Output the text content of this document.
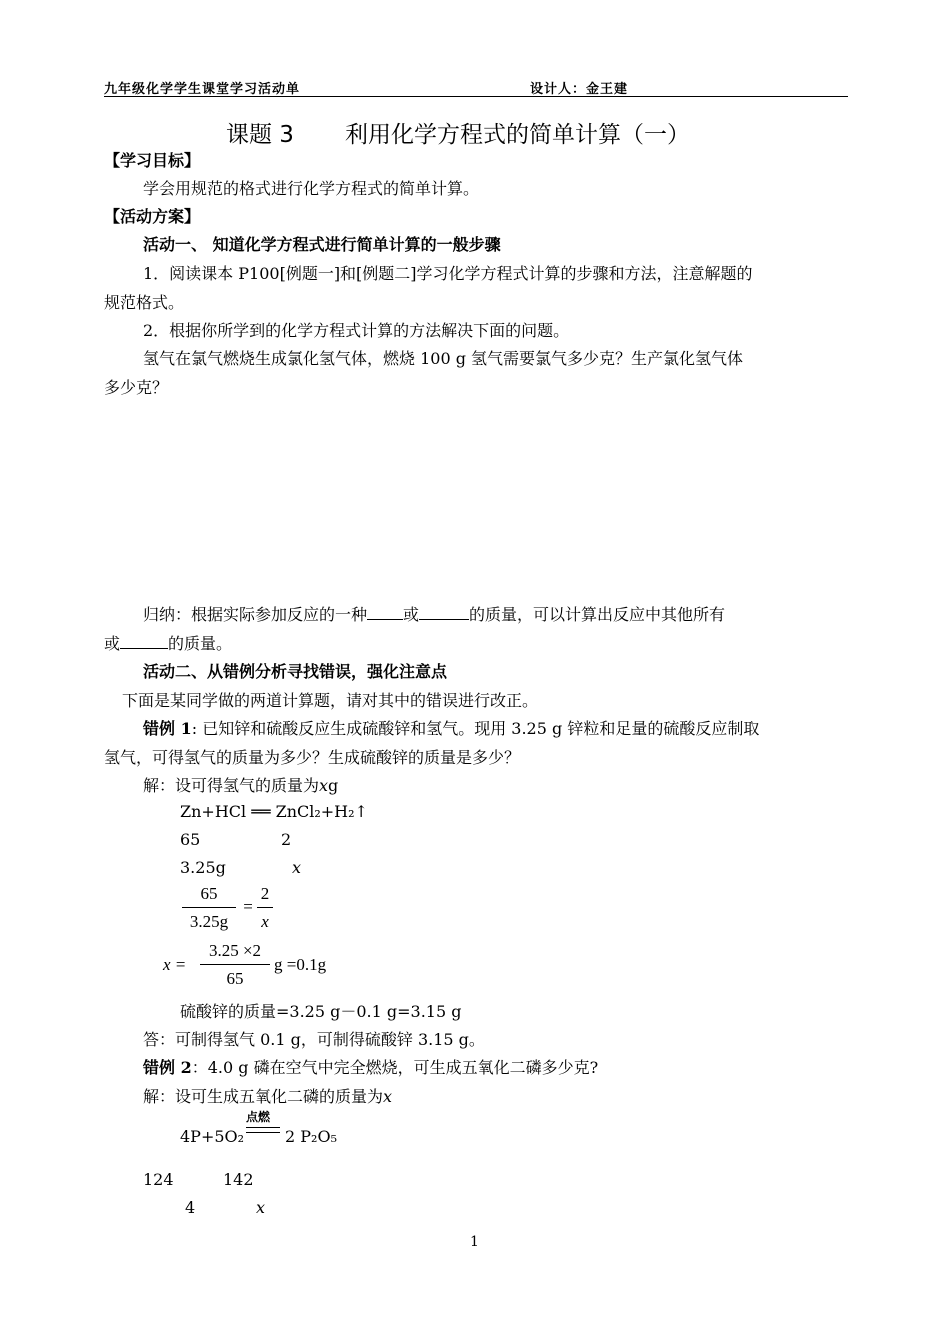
九年级化学学生课堂学习活动单	设计人：金王建
课题 3 利用化学方程式的简单计算（一）
【学习目标】
学会用规范的格式进行化学方程式的简单计算。
【活动方案】
活动一、 知道化学方程式进行简单计算的一般步骤
1．阅读课本 P100[例题一]和[例题二]学习化学方程式计算的步骤和方法，注意解题的
规范格式。
2．根据你所学到的化学方程式计算的方法解决下面的问题。
氢气在氯气燃烧生成氯化氢气体，燃烧 100 g 氢气需要氯气多少克？生产氯化氢气体
多少克？
归纳：根据实际参加反应的一种 或	的质量，可以计算出反应中其他所有
或	的质量。
活动二、从错例分析寻找错误，强化注意点
下面是某同学做的两道计算题，请对其中的错误进行改正。
错例 1: 已知锌和硫酸反应生成硫酸锌和氢气。现用 3.25 g 锌粒和足量的硫酸反应制取
氢气，可得氢气的质量为多少？生成硫酸锌的质量是多少？
解：设可得氢气的质量为xg
Zn+HCl ══ ZnCl₂+H₂↑
65	2
3.25g	x
65
3.25g
=
2
x
x =
3.25 ×2
65
g =0.1g
硫酸锌的质量=3.25 g－0.1 g=3.15 g
答：可制得氢气 0.1 g，可制得硫酸锌 3.15 g。
错例 2：4.0 g 磷在空气中完全燃烧，可生成五氧化二磷多少克?
解：设可生成五氧化二磷的质量为x
4P+5O₂
点燃
2 P₂O₅
124	142
4	x
1
